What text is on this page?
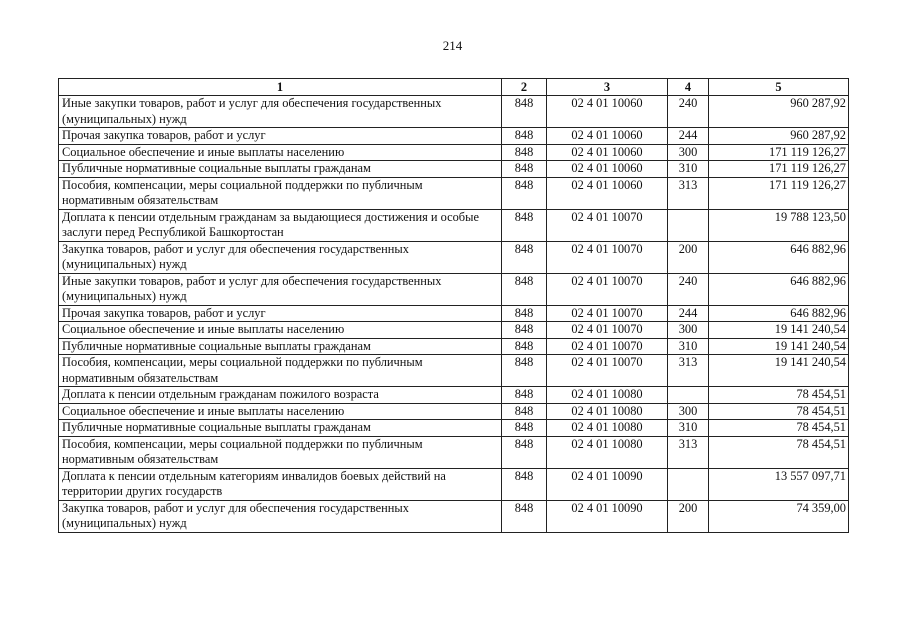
214
1	2	3	4	5
Иные закупки товаров, работ и услуг для обеспечения государственных (муниципальных) нужд	848	02 4 01 10060	240	960 287,92
Прочая закупка товаров, работ и услуг	848	02 4 01 10060	244	960 287,92
Социальное обеспечение и иные выплаты населению	848	02 4 01 10060	300	171 119 126,27
Публичные нормативные социальные выплаты гражданам	848	02 4 01 10060	310	171 119 126,27
Пособия, компенсации, меры социальной поддержки по публичным нормативным обязательствам	848	02 4 01 10060	313	171 119 126,27
Доплата к пенсии отдельным гражданам за выдающиеся достижения и особые заслуги перед Республикой Башкортостан	848	02 4 01 10070		19 788 123,50
Закупка товаров, работ и услуг для обеспечения государственных (муниципальных) нужд	848	02 4 01 10070	200	646 882,96
Иные закупки товаров, работ и услуг для обеспечения государственных (муниципальных) нужд	848	02 4 01 10070	240	646 882,96
Прочая закупка товаров, работ и услуг	848	02 4 01 10070	244	646 882,96
Социальное обеспечение и иные выплаты населению	848	02 4 01 10070	300	19 141 240,54
Публичные нормативные социальные выплаты гражданам	848	02 4 01 10070	310	19 141 240,54
Пособия, компенсации, меры социальной поддержки по публичным нормативным обязательствам	848	02 4 01 10070	313	19 141 240,54
Доплата к пенсии отдельным гражданам пожилого возраста	848	02 4 01 10080		78 454,51
Социальное обеспечение и иные выплаты населению	848	02 4 01 10080	300	78 454,51
Публичные нормативные социальные выплаты гражданам	848	02 4 01 10080	310	78 454,51
Пособия, компенсации, меры социальной поддержки по публичным нормативным обязательствам	848	02 4 01 10080	313	78 454,51
Доплата к пенсии отдельным категориям инвалидов боевых действий на территории других государств	848	02 4 01 10090		13 557 097,71
Закупка товаров, работ и услуг для обеспечения государственных (муниципальных) нужд	848	02 4 01 10090	200	74 359,00
